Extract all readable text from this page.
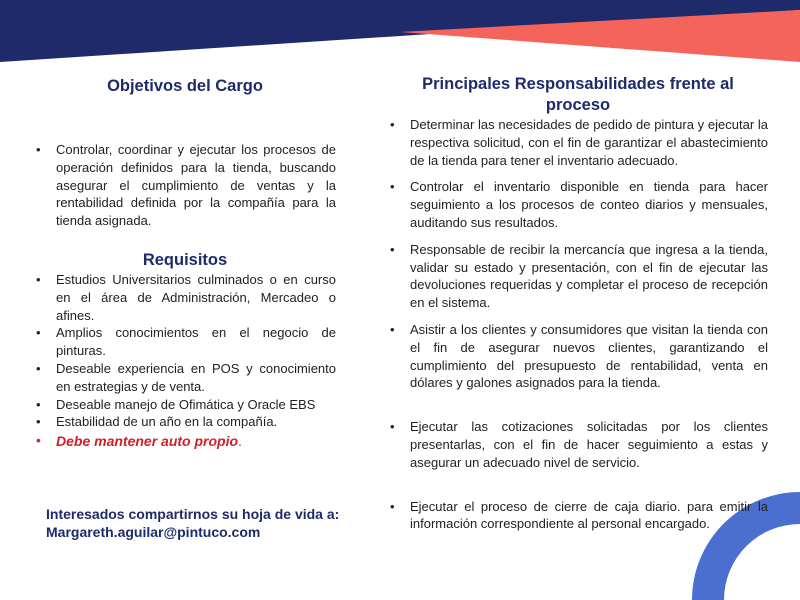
Objetivos del Cargo
• Controlar, coordinar y ejecutar los procesos de operación definidos para la tienda, buscando asegurar el cumplimiento de ventas y la rentabilidad definida por la compañía para la tienda asignada.
Requisitos
• Estudios Universitarios culminados o en curso en el área de Administración, Mercadeo o afines.
• Amplios conocimientos en el negocio de pinturas.
• Deseable experiencia en POS y conocimiento en estrategias y de venta.
• Deseable manejo de Ofimática y Oracle EBS
• Estabilidad de un año en la compañía.
• Debe mantener auto propio.
Interesados compartirnos su hoja de vida a:
Margareth.aguilar@pintuco.com
Principales Responsabilidades frente al proceso
• Determinar las necesidades de pedido de pintura y ejecutar la respectiva solicitud, con el fin de garantizar el abastecimiento de la tienda para tener el inventario adecuado.
• Controlar el inventario disponible en tienda para hacer seguimiento a los procesos de conteo diarios y mensuales, auditando sus resultados.
• Responsable de recibir la mercancía que ingresa a la tienda, validar su estado y presentación, con el fin de ejecutar las devoluciones requeridas y completar el proceso de recepción en el sistema.
• Asistir a los clientes y consumidores que visitan la tienda con el fin de asegurar nuevos clientes, garantizando el cumplimiento del presupuesto de rentabilidad, venta en dólares y galones asignados para la tienda.
• Ejecutar las cotizaciones solicitadas por los clientes presentarlas, con el fin de hacer seguimiento a estas y asegurar un adecuado nivel de servicio.
• Ejecutar el proceso de cierre de caja diario. para emitir la información correspondiente al personal encargado.
